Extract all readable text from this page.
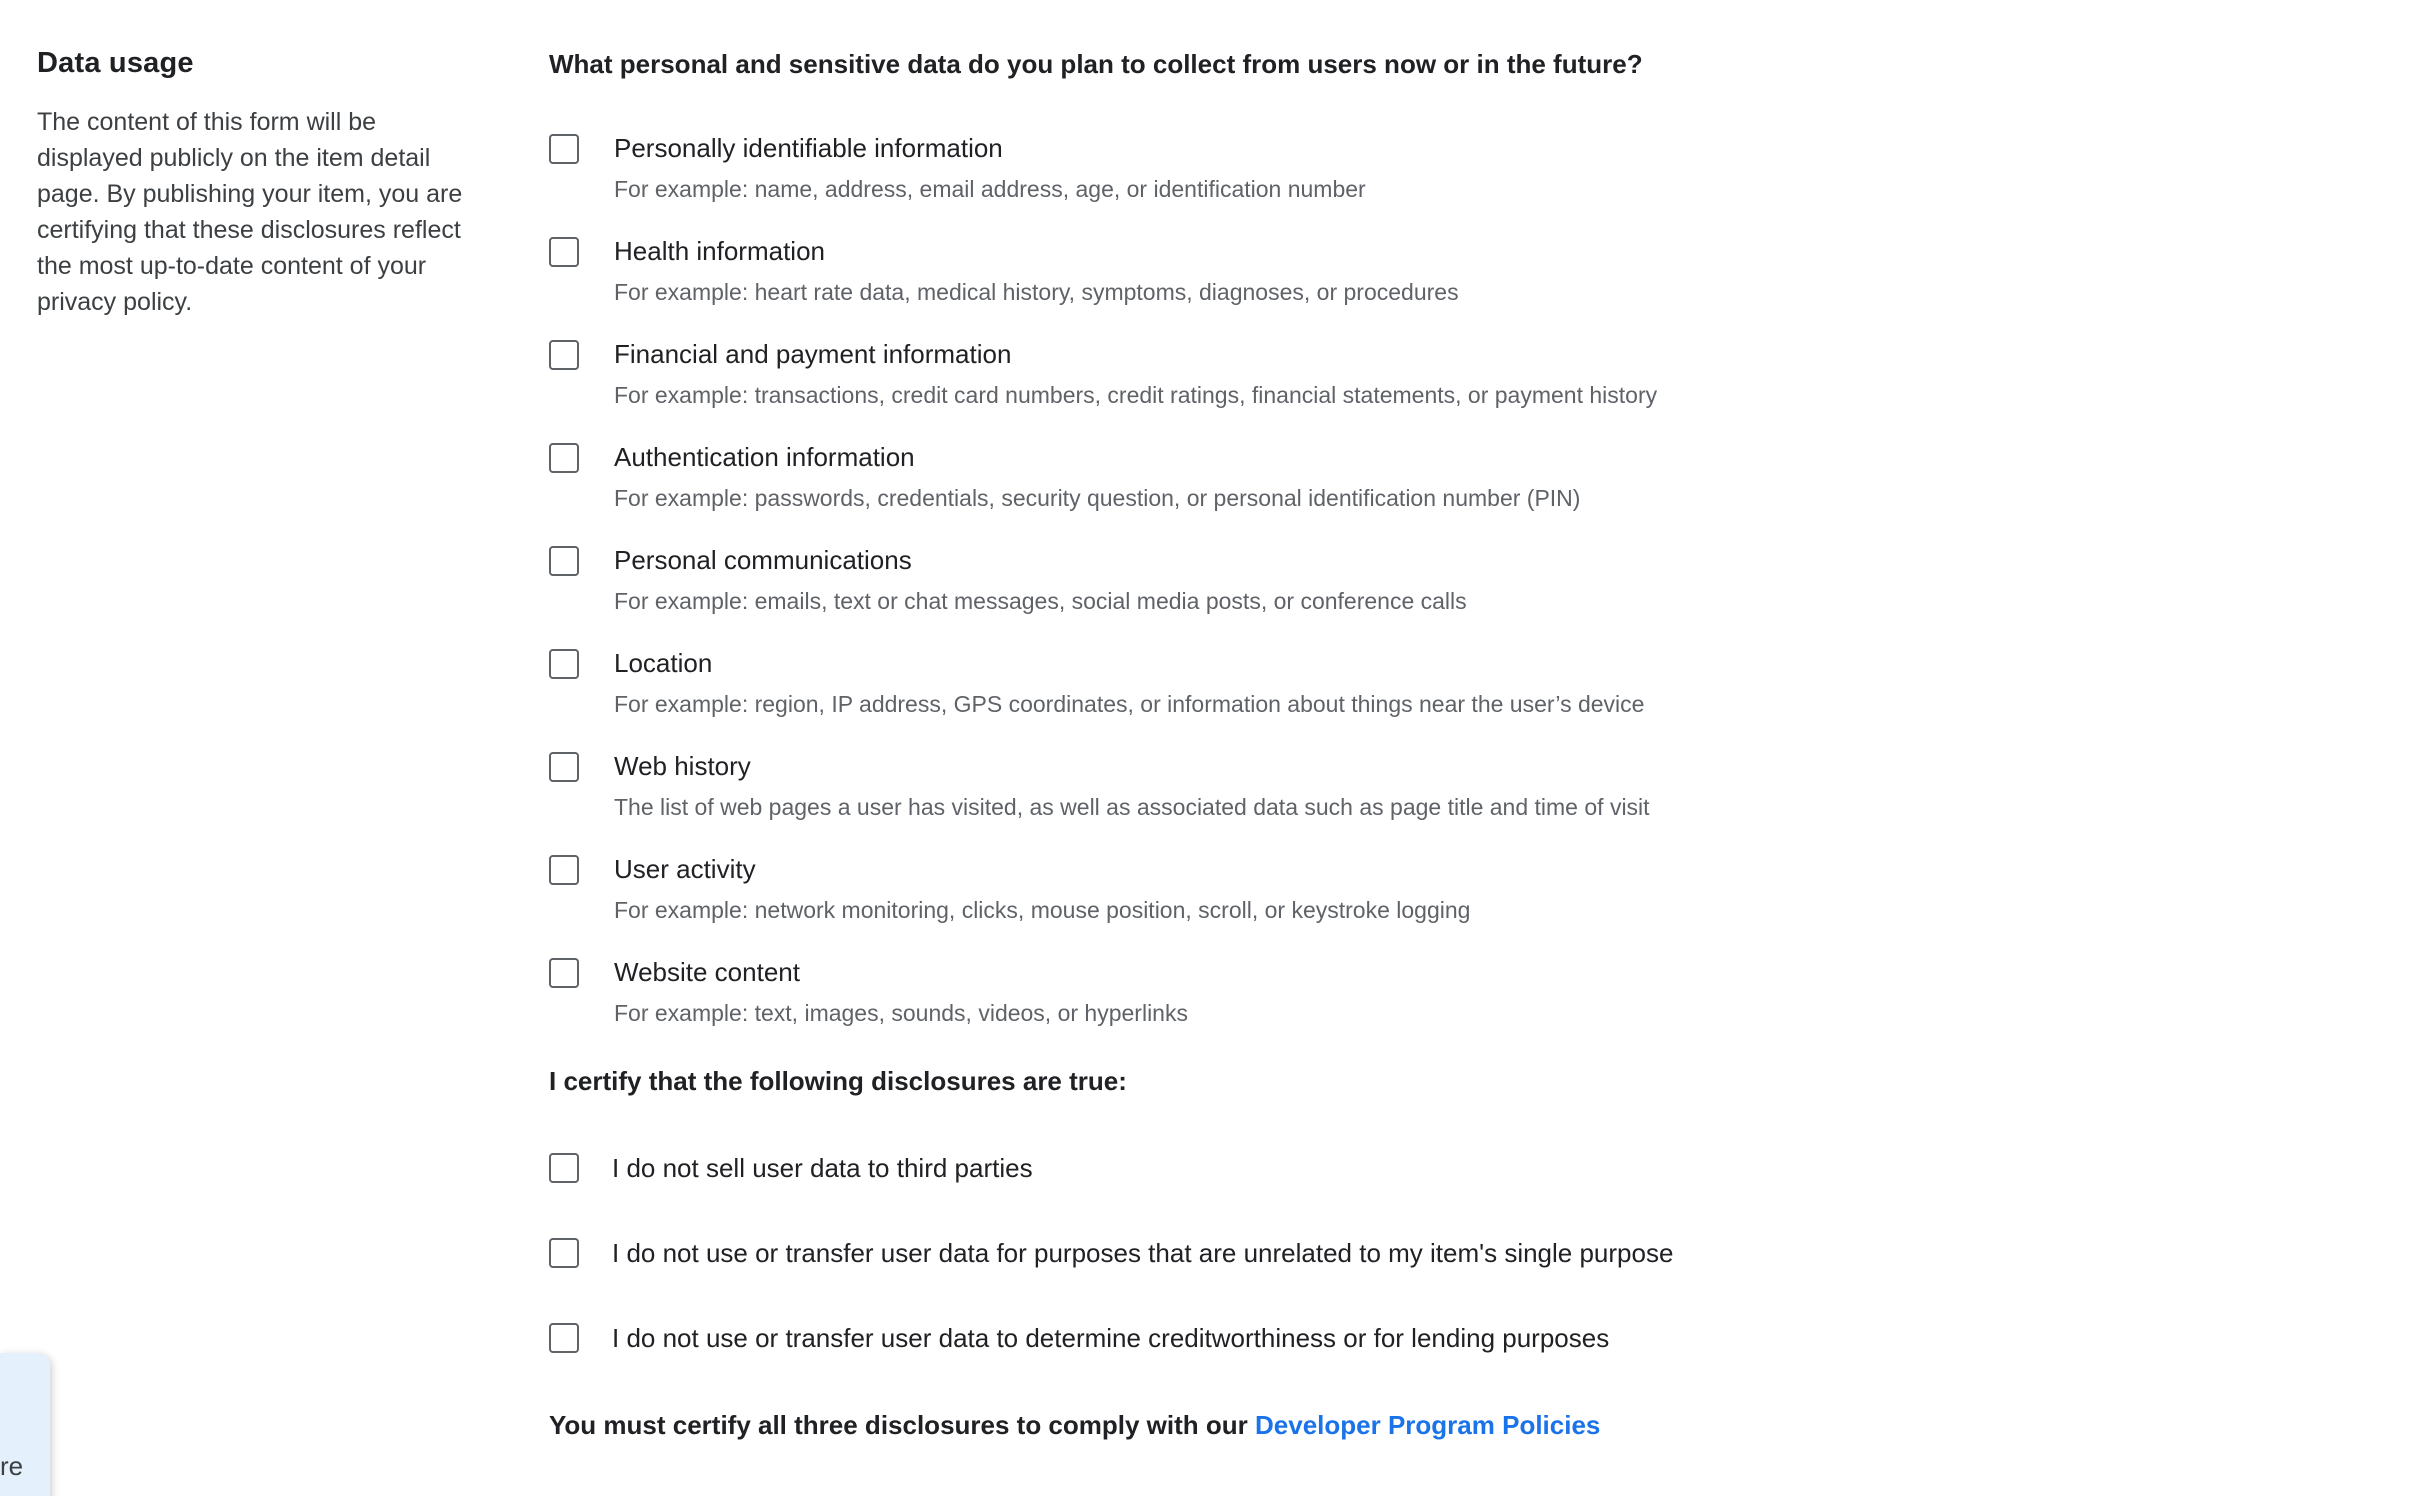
Data usage

The content of this form will be displayed publicly on the item detail page. By publishing your item, you are certifying that these disclosures reflect the most up-to-date content of your privacy policy.

What personal and sensitive data do you plan to collect from users now or in the future?
Personally identifiable information
For example: name, address, email address, age, or identification number
Health information
For example: heart rate data, medical history, symptoms, diagnoses, or procedures
Financial and payment information
For example: transactions, credit card numbers, credit ratings, financial statements, or payment history
Authentication information
For example: passwords, credentials, security question, or personal identification number (PIN)
Personal communications
For example: emails, text or chat messages, social media posts, or conference calls
Location
For example: region, IP address, GPS coordinates, or information about things near the user’s device
Web history
The list of web pages a user has visited, as well as associated data such as page title and time of visit
User activity
For example: network monitoring, clicks, mouse position, scroll, or keystroke logging
Website content
For example: text, images, sounds, videos, or hyperlinks
I certify that the following disclosures are true:
I do not sell user data to third parties
I do not use or transfer user data for purposes that are unrelated to my item's single purpose
I do not use or transfer user data to determine creditworthiness or for lending purposes
You must certify all three disclosures to comply with our Developer Program Policies
re
